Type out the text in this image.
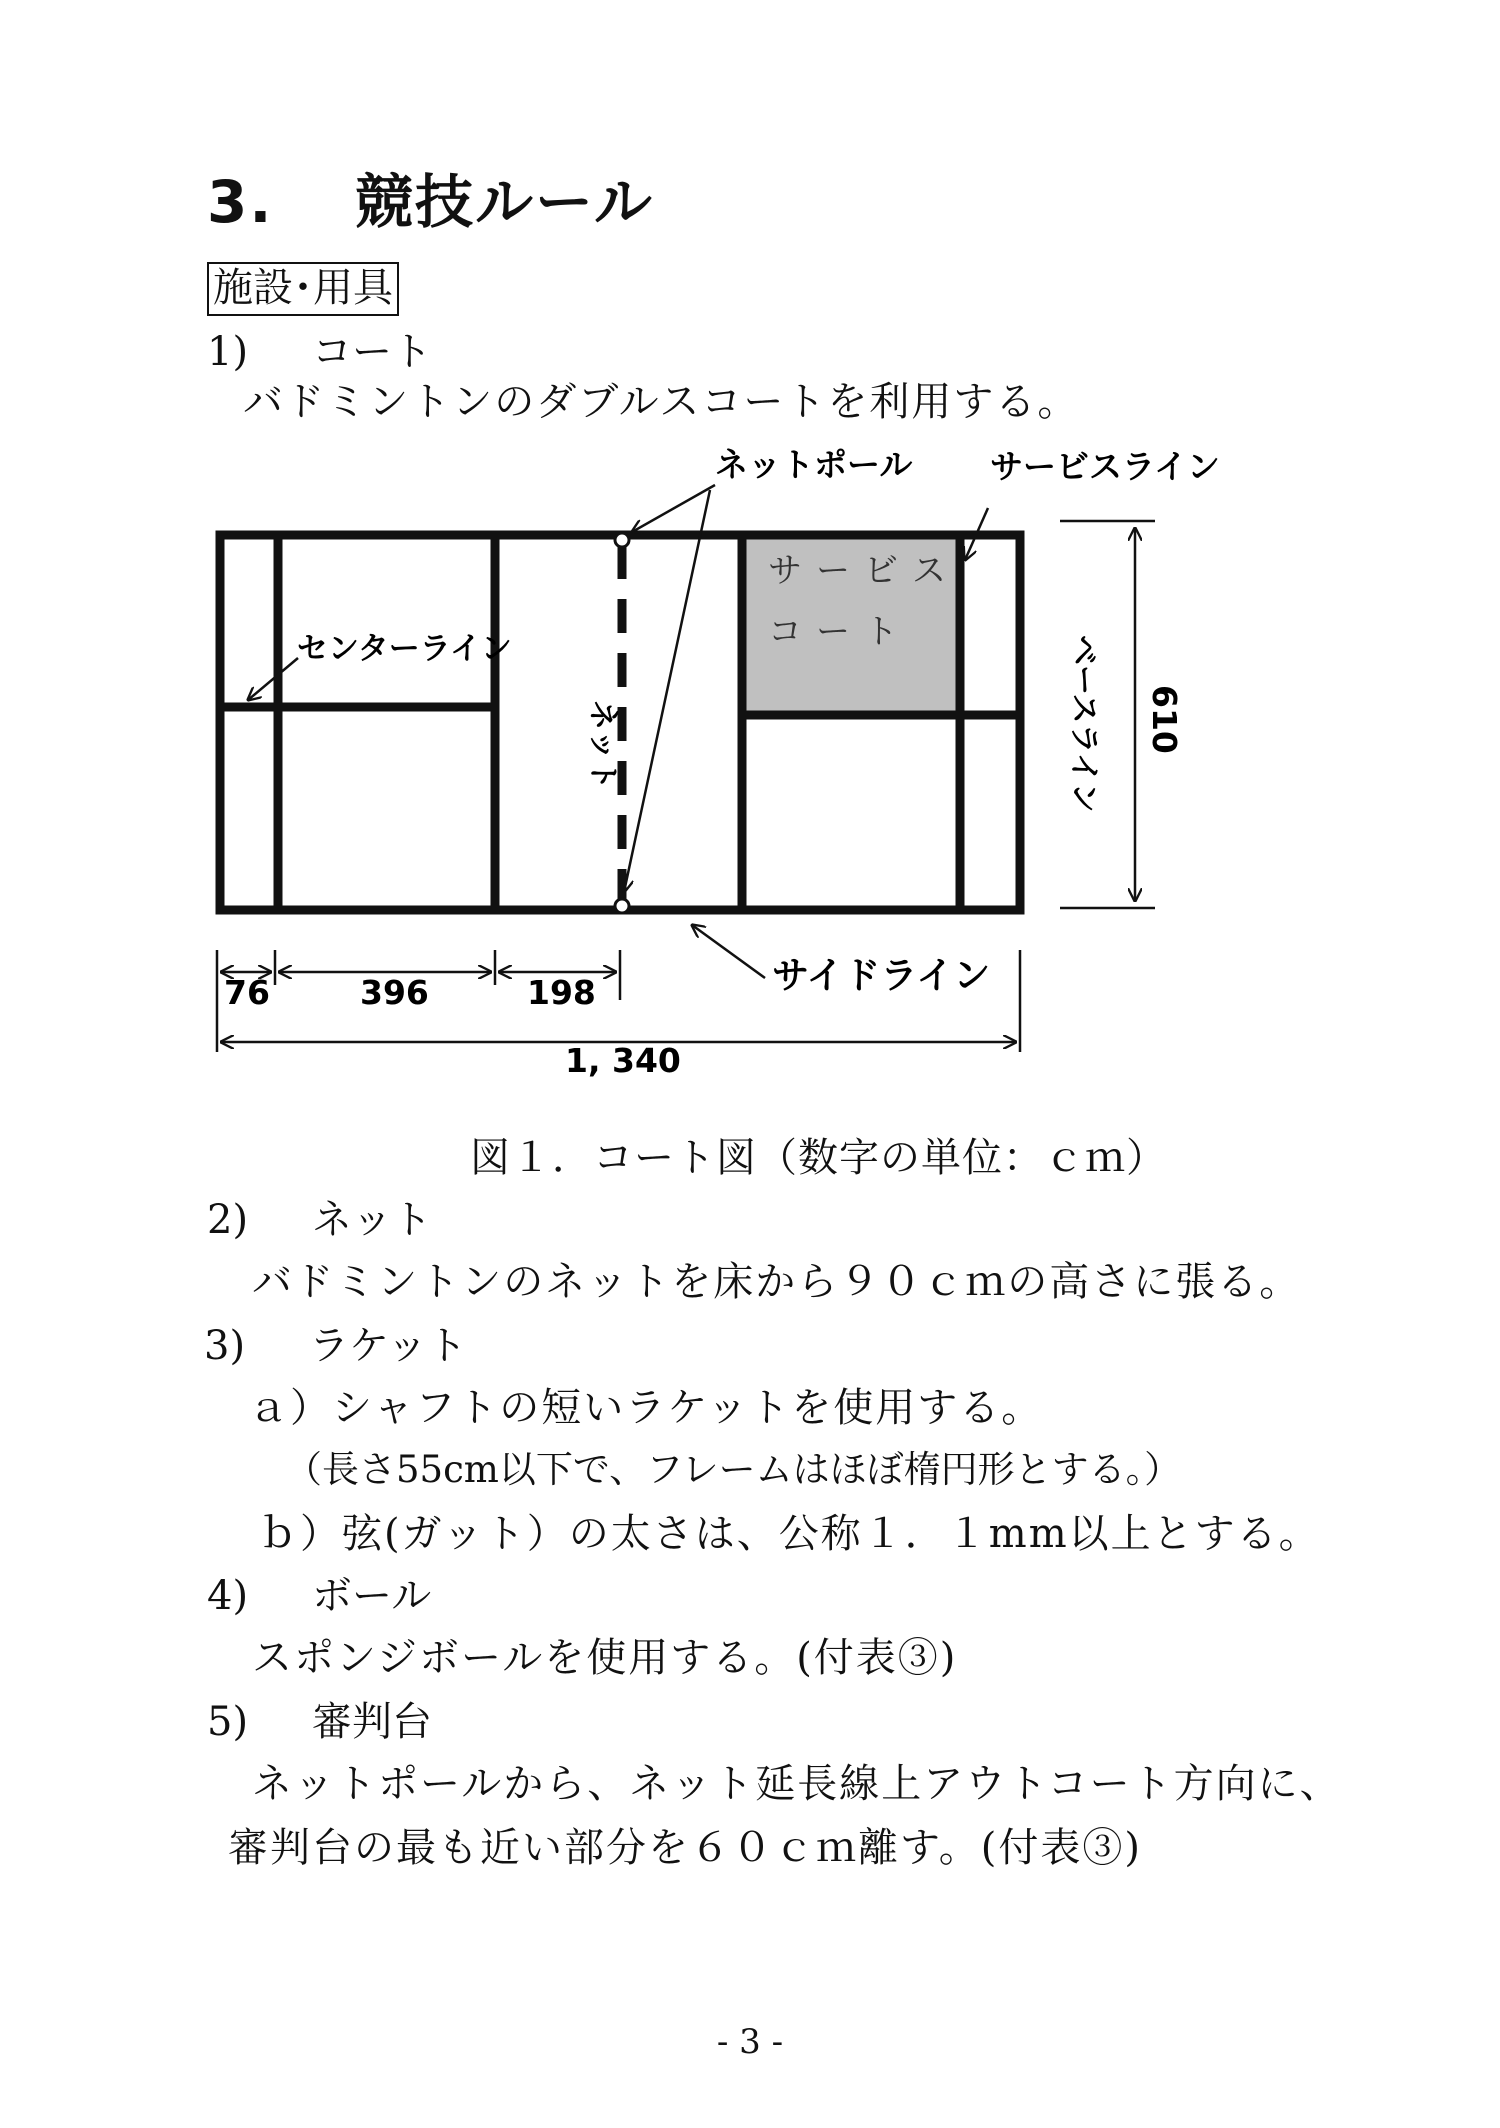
3. 競技ルール
施設･用具
1) コート
バドミントンのダブルスコートを利用する。
ネットポール サービスライン
サービス
コート
センターライン
ネット	ベースライン 610
サイドライン
76	396	198
1, 340
図１．コート図（数字の単位：ｃｍ）
2) ネット
バドミントンのネットを床から９０ｃｍの高さに張る。
3) ラケット
ａ）シャフトの短いラケットを使用する。
（長さ55cm以下で、フレームはほぼ楕円形とする。）
ｂ）弦(ガット）の太さは、公称１．１mm以上とする。
4) ボール
スポンジボールを使用する。(付表③)
5) 審判台
ネットポールから、ネット延長線上アウトコート方向に、
審判台の最も近い部分を６０ｃｍ離す。(付表③)
- 3 -
